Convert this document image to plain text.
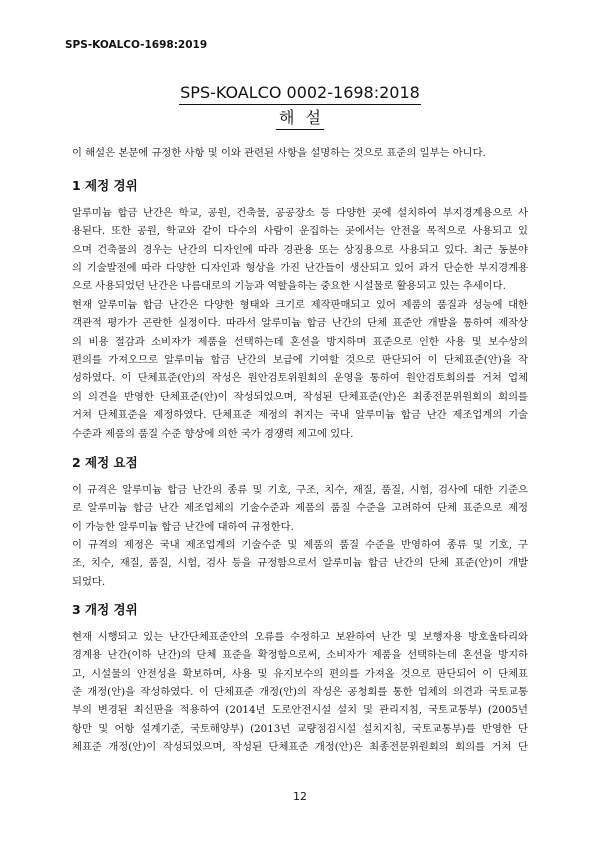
SPS-KOALCO-1698:2019
SPS-KOALCO 0002-1698:2018
해 설
이 해설은 본문에 규정한 사항 및 이와 관련된 사항을 설명하는 것으로 표준의 일부는 아니다.
1 제정 경위
알루미늄 합금 난간은 학교, 공원, 건축물, 공공장소 등 다양한 곳에 설치하여 부지경계용으로 사
용된다. 또한 공원, 학교와 같이 다수의 사람이 운집하는 곳에서는 안전을 목적으로 사용되고 있
으며 건축물의 경우는 난간의 디자인에 따라 경관용 또는 상징용으로 사용되고 있다. 최근 동분야
의 기술발전에 따라 다양한 디자인과 형상을 가진 난간들이 생산되고 있어 과거 단순한 부지경계용
으로 사용되었던 난간은 나름대로의 기능과 역할을하는 중요한 시설물로 활용되고 있는 추세이다.
현재 알루미늄 합금 난간은 다양한 형태와 크기로 제작판매되고 있어 제품의 품질과 성능에 대한
객관적 평가가 곤란한 실정이다. 따라서 알루미늄 합금 난간의 단체 표준안 개발을 통하여 제작상
의 비용 절감과 소비자가 제품을 선택하는데 혼선을 방지하며 표준으로 인한 사용 및 보수상의
편의를 가져오므로 알루미늄 합금 난간의 보급에 기여할 것으로 판단되어 이 단체표준(안)을 작
성하였다. 이 단체표준(안)의 작성은 원안검토위원회의 운영을 통하여 원안검토회의를 거쳐 업체
의 의견을 반영한 단체표준(안)이 작성되었으며, 작성된 단체표준(안)은 최종전문위원회의 회의를
거쳐 단체표준을 제정하였다. 단체표준 제정의 취지는 국내 알루미늄 합금 난간 제조업계의 기술
수준과 제품의 품질 수준 향상에 의한 국가 경쟁력 제고에 있다.
2 제정 요점
이 규격은 알루미늄 합금 난간의 종류 및 기호, 구조, 치수, 재질, 품질, 시험, 검사에 대한 기준으
로 알루미늄 합금 난간 제조업체의 기술수준과 제품의 품질 수준을 고려하여 단체 표준으로 제정
이 가능한 알루미늄 합금 난간에 대하여 규정한다.
이 규격의 제정은 국내 제조업계의 기술수준 및 제품의 품질 수준을 반영하여 종류 및 기호, 구
조, 치수, 재질, 품질, 시험, 검사 등을 규정함으로서 알루미늄 합금 난간의 단체 표준(안)이 개발
되었다.
3 개정 경위
현재 시행되고 있는 난간단체표준안의 오류를 수정하고 보완하여 난간 및 보행자용 방호울타리와
경계용 난간(이하 난간)의 단체 표준을 확정함으로써, 소비자가 제품을 선택하는데 혼선을 방지하
고, 시설물의 안전성을 확보하며, 사용 및 유지보수의 편의를 가져올 것으로 판단되어 이 단체표
준 개정(안)을 작성하였다. 이 단체표준 개정(안)의 작성은 공청회를 통한 업체의 의견과 국토교통
부의 변경된 최신판을 적용하여 (2014년 도로안전시설 설치 및 관리지침, 국토교통부) (2005년
항만 및 어항 설계기준, 국토해양부) (2013년 교량점검시설 설치지침, 국토교통부)를 반영한 단
체표준 개정(안)이 작성되었으며, 작성된 단체표준 개정(안)은 최종전문위원회의 회의를 거쳐 단
12
